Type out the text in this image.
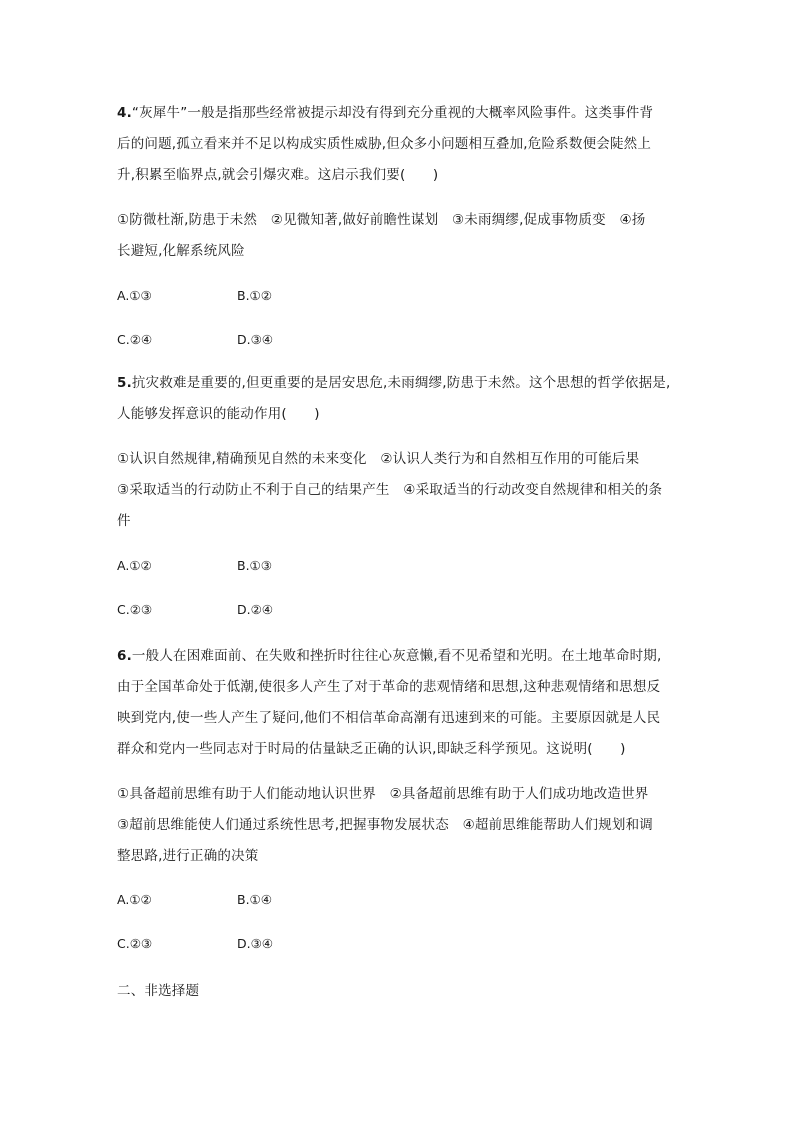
4.“灰犀牛”一般是指那些经常被提示却没有得到充分重视的大概率风险事件。这类事件背
后的问题,孤立看来并不足以构成实质性威胁,但众多小问题相互叠加,危险系数便会陡然上
升,积累至临界点,就会引爆灾难。这启示我们要(　　)
①防微杜渐,防患于未然　②见微知著,做好前瞻性谋划　③未雨绸缪,促成事物质变　④扬
长避短,化解系统风险
A.①③	B.①②
C.②④	D.③④
5.抗灾救难是重要的,但更重要的是居安思危,未雨绸缪,防患于未然。这个思想的哲学依据是,
人能够发挥意识的能动作用(　　)
①认识自然规律,精确预见自然的未来变化　②认识人类行为和自然相互作用的可能后果
③采取适当的行动防止不利于自己的结果产生　④采取适当的行动改变自然规律和相关的条
件
A.①②	B.①③
C.②③	D.②④
6.一般人在困难面前、在失败和挫折时往往心灰意懒,看不见希望和光明。在土地革命时期,
由于全国革命处于低潮,使很多人产生了对于革命的悲观情绪和思想,这种悲观情绪和思想反
映到党内,使一些人产生了疑问,他们不相信革命高潮有迅速到来的可能。主要原因就是人民
群众和党内一些同志对于时局的估量缺乏正确的认识,即缺乏科学预见。这说明(　　)
①具备超前思维有助于人们能动地认识世界　②具备超前思维有助于人们成功地改造世界
③超前思维能使人们通过系统性思考,把握事物发展状态　④超前思维能帮助人们规划和调
整思路,进行正确的决策
A.①②	B.①④
C.②③	D.③④
二、非选择题
